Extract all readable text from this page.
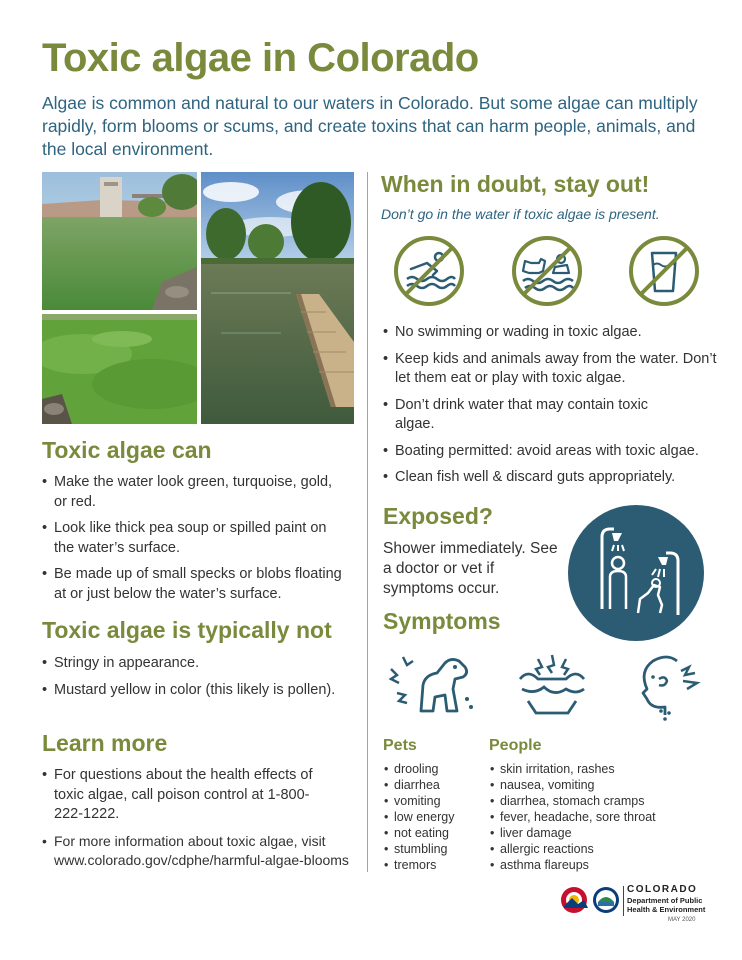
Toxic algae in Colorado
Algae is common and natural to our waters in Colorado. But some algae can multiply rapidly, form blooms or scums, and create toxins that can harm people, animals, and the local environment.
Toxic algae can
• Make the water look green, turquoise, gold, or red.
• Look like thick pea soup or spilled paint on the water’s surface.
• Be made up of small specks or blobs floating at or just below the water’s surface.
Toxic algae is typically not
• Stringy in appearance.
• Mustard yellow in color (this likely is pollen).
Learn more
• For questions about the health effects of toxic algae, call poison control at 1-800-222-1222.
• For more information about toxic algae, visit www.colorado.gov/cdphe/harmful-algae-blooms
When in doubt, stay out!
Don’t go in the water if toxic algae is present.
• No swimming or wading in toxic algae.
• Keep kids and animals away from the water. Don’t let them eat or play with toxic algae.
• Don’t drink water that may contain toxic algae.
• Boating permitted: avoid areas with toxic algae.
• Clean fish well & discard guts appropriately.
Exposed?
Shower immediately. See a doctor or vet if symptoms occur.
Symptoms
Pets
• drooling
• diarrhea
• vomiting
• low energy
• not eating
• stumbling
• tremors
People
• skin irritation, rashes
• nausea, vomiting
• diarrhea, stomach cramps
• fever, headache, sore throat
• liver damage
• allergic reactions
• asthma flareups
COLORADO
Department of Public Health & Environment
MAY 2020
